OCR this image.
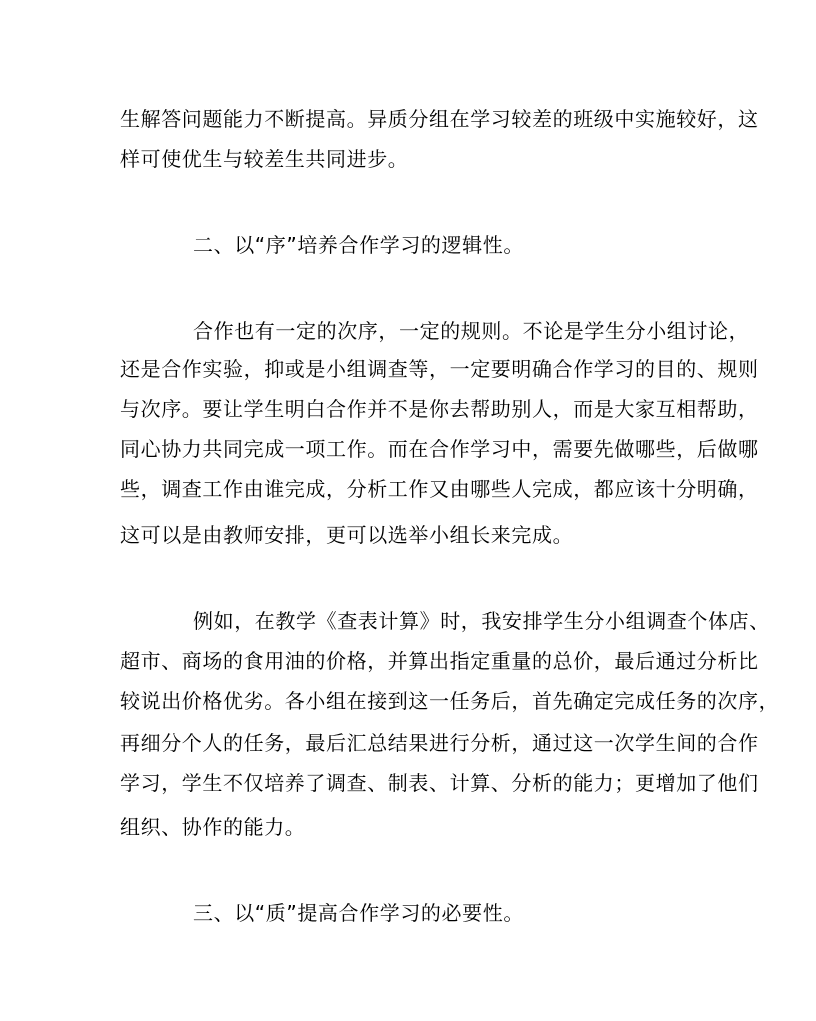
生解答问题能力不断提高。异质分组在学习较差的班级中实施较好，这
样可使优生与较差生共同进步。
二、以“序”培养合作学习的逻辑性。
合作也有一定的次序，一定的规则。不论是学生分小组讨论，
还是合作实验，抑或是小组调查等，一定要明确合作学习的目的、规则
与次序。要让学生明白合作并不是你去帮助别人，而是大家互相帮助，
同心协力共同完成一项工作。而在合作学习中，需要先做哪些，后做哪
些，调查工作由谁完成，分析工作又由哪些人完成，都应该十分明确，
这可以是由教师安排，更可以选举小组长来完成。
例如，在教学《查表计算》时，我安排学生分小组调查个体店、
超市、商场的食用油的价格，并算出指定重量的总价，最后通过分析比
较说出价格优劣。各小组在接到这一任务后，首先确定完成任务的次序，
再细分个人的任务，最后汇总结果进行分析，通过这一次学生间的合作
学习，学生不仅培养了调查、制表、计算、分析的能力；更增加了他们
组织、协作的能力。
三、以“质”提高合作学习的必要性。
